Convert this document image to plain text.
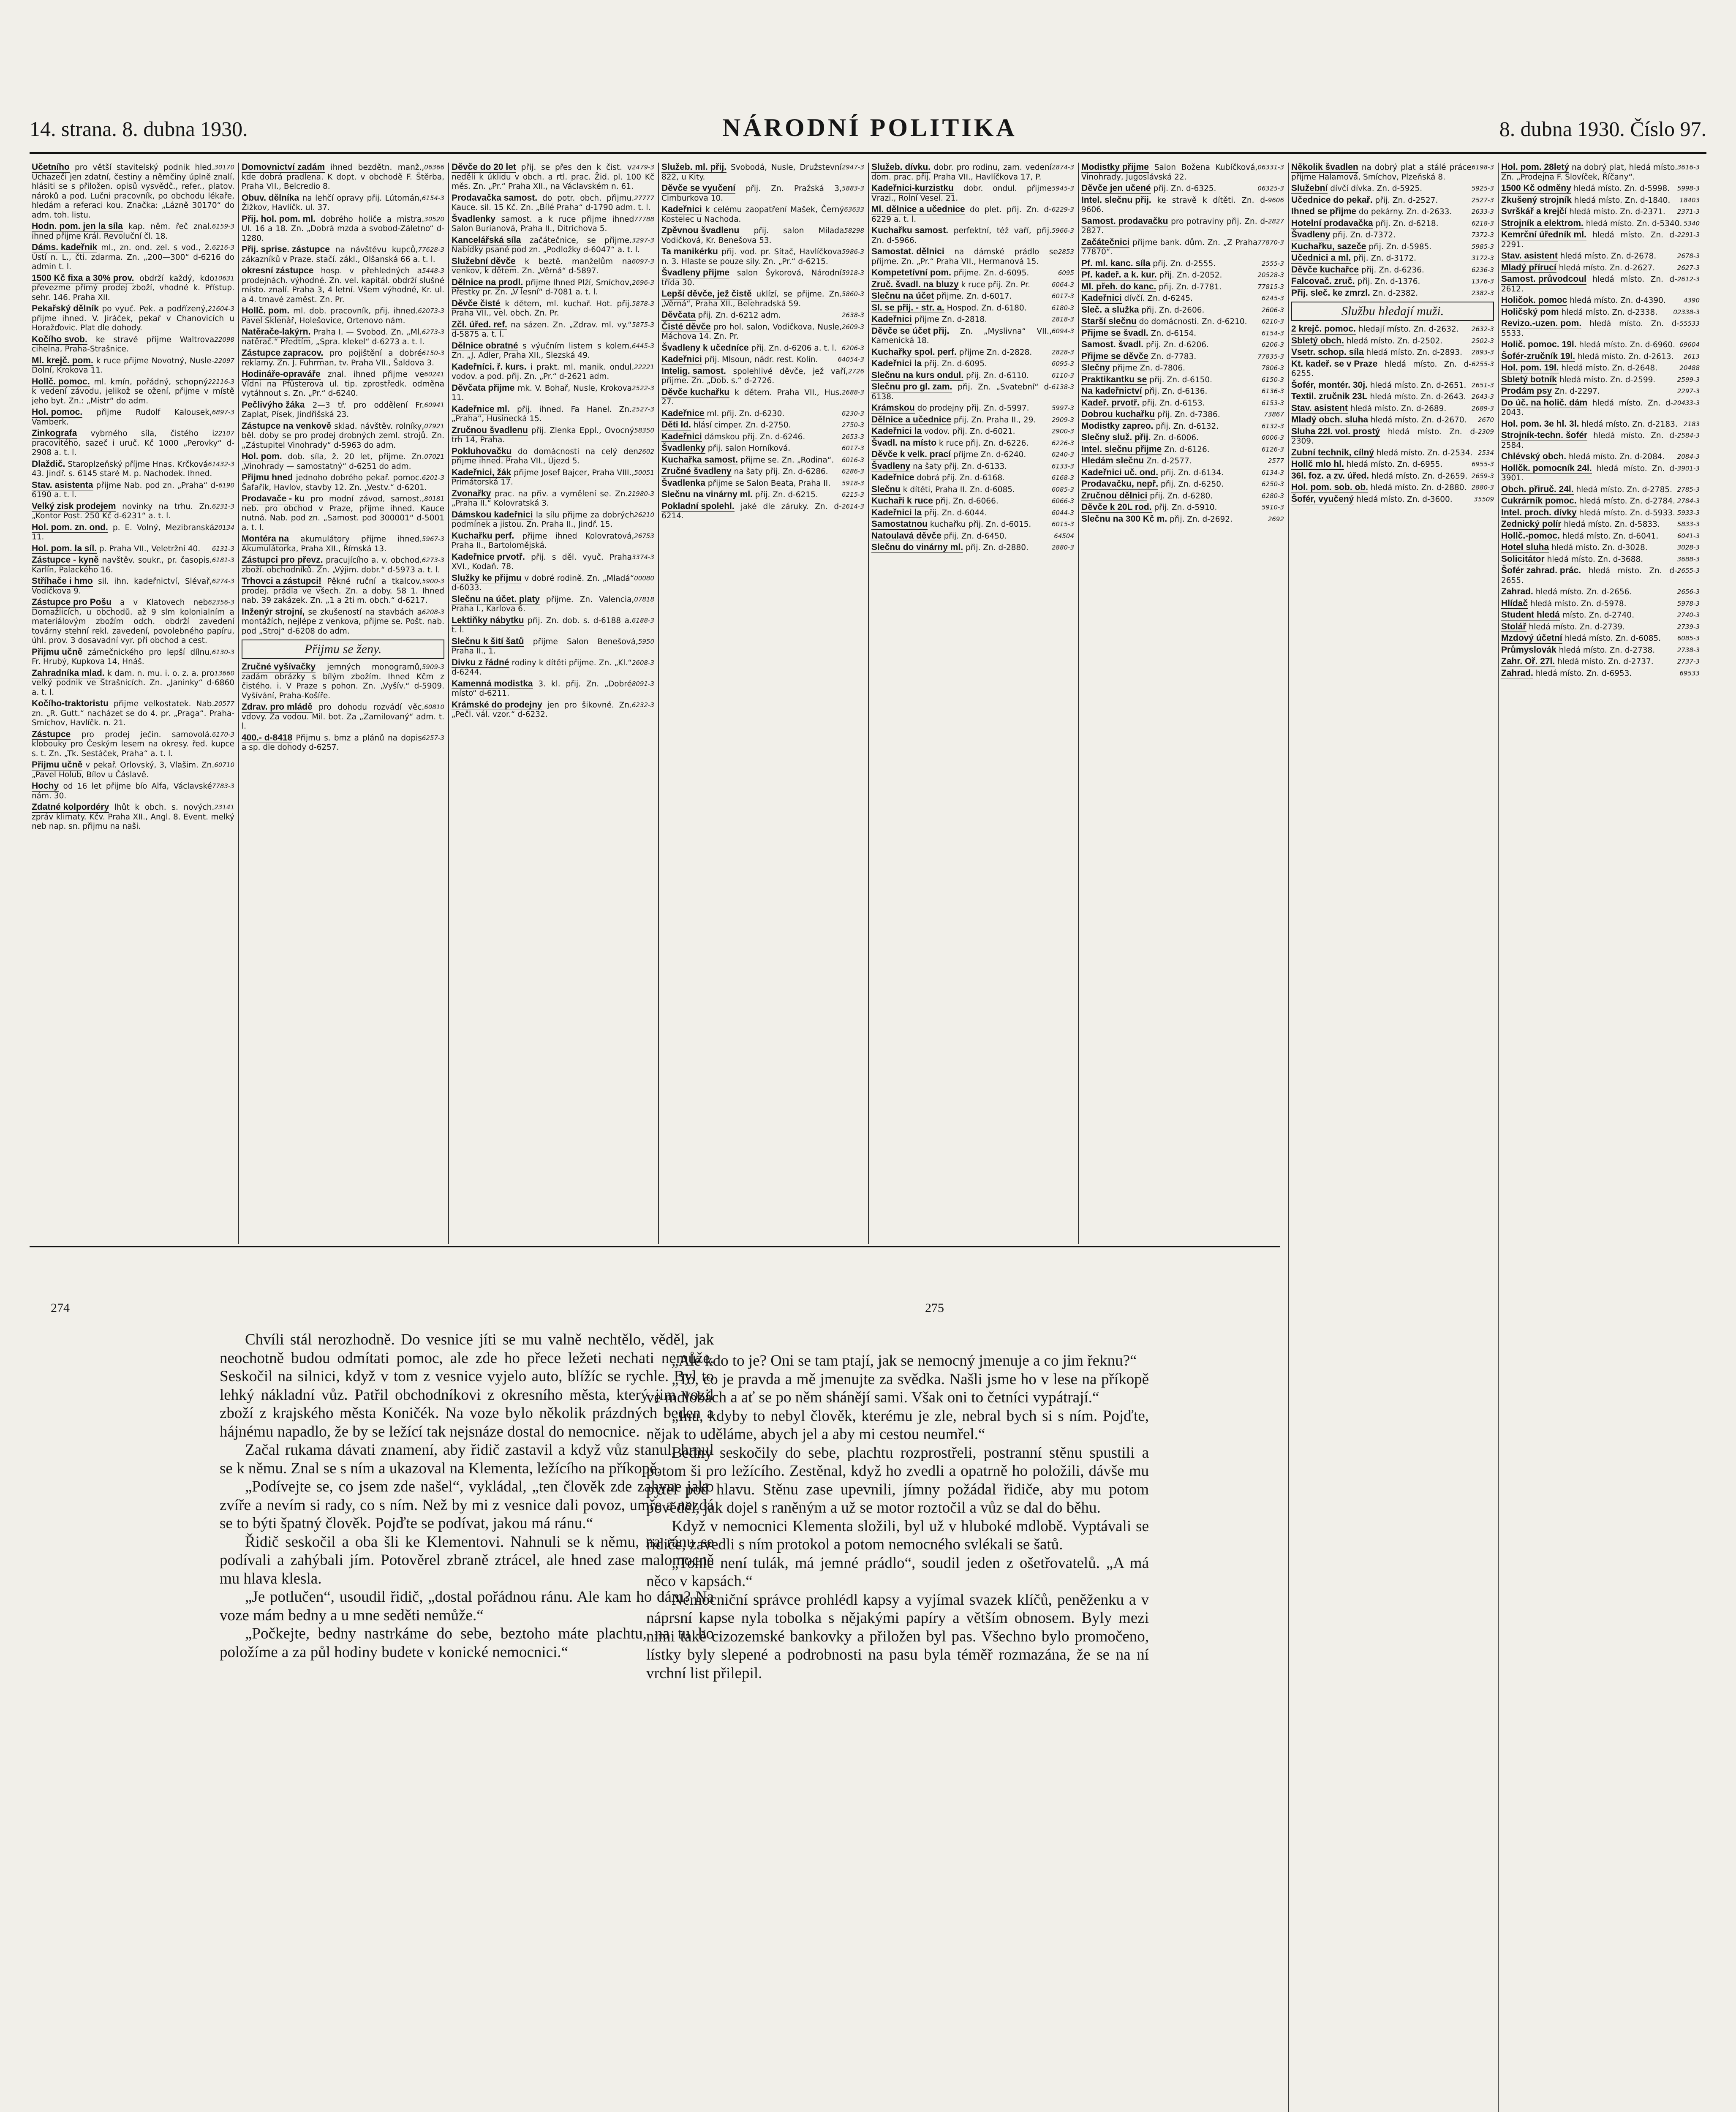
14. strana. 8. dubna 1930.	NÁRODNÍ POLITIKA	8. dubna 1930. Číslo 97.
30170
Učetního pro větší stavitelský podnik hled. Uchazeči jen zdatní, čestiny a němčiny úplně znalí, hlásiti se s přiložen. opisů vysvědč., refer., platov. nároků a pod. Lučni pracovník, po obchodu lékaře, hledám a referaci kou. Značka: „Lázně 30170“ do adm. toh. listu.
6159-3
Hodn. pom. jen la síla kap. něm. řeč znal. ihned přijme Král. Revoluční čl. 18.
6216-3
Dáms. kadeřnik ml., zn. ond. zel. s vod., 2. Ústí n. L., čti. zdarma. Zn. „200—300“ d-6216 do admin t. l.
10631
1500 Kč fixa a 30% prov. obdrží každý, kdo převezme přímý prodej zboží, vhodné k. Přístup. sehr. 146. Praha XII.
21604-3
Pekařský dělník po vyuč. Pek. a podřízený, přijme ihned. V. Jiráček, pekař v Chanovicích u Horažďovic. Plat dle dohody.
22098
Kočího svob. ke stravě přijme Waltrova cihelna, Praha-Strašnice.
22097
Ml. krejč. pom. k ruce přijme Novotný, Nusle-Dolní, Krokova 11.
22116-3
Hollč. pomoc. ml. kmín, pořádný, schopný k vedení závodu, jelikož se ožení, přijme v místě jeho byt. Zn.: „Mistr“ do adm.
6897-3
Hol. pomoc. přijme Rudolf Kalousek, Vamberk.
22107
Zinkografa vybrného síla, čistého i pracovitého, sazeč i uruč. Kč 1000 „Perovky“ d-2908 a. t. l.
61432-3
Dlaždič. Staroplzeňský příjme Hnas. Krčková 43. Jindř. s. 6145 staré M. p. Nachodek. Ihned.
6190
Stav. asistenta přijme Nab. pod zn. „Praha“ d-6190 a. t. l.
6231-3
Velký zisk prodejem novinky na trhu. Zn. „Kontor Post. 250 Kč d-6231“ a. t. l.
20134
Hol. pom. zn. ond. p. E. Volný, Mezibranská 11.
6131-3
Hol. pom. la síl. p. Praha VII., Veletržní 40.
6181-3
Zástupce - kyně navštěv. soukr., pr. časopis. Karlín, Palackého 16.
6274-3
Stříhače i hmo sil. ihn. kadeřnictví, Slévař, Vodičkova 9.
62356-3
Zástupce pro Pošu a v Klatovech neb Domažlicích, u obchodů. až 9 slm kolonialním a materiálovým zbožím odch. obdrží zavedení továrny stehní rekl. zavedení, povolebného papíru, úhl. prov. 3 dosavadní vyr. při obchod a cest.
6130-3
Přijmu učně zámečnického pro lepší dílnu. Fr. Hrubý, Kupkova 14, Hnáš.
13660
Zahradníka mlad. k dam. n. mu. i. o. z. a. pro velký podnik ve Strašnicích. Zn. „Janinky“ d-6860 a. t. l.
20577
Kočího-traktoristu přijme velkostatek. Nab. zn. „R. Gutt.“ nacházet se do 4. pr. „Praga“. Praha-Smíchov, Havlíčk. n. 21.
6170-3
Zástupce pro prodej ječin. samovolá. klobouky pro Českým lesem na okresy. řed. kupce s. t. Zn. „Tk. Sestáček, Praha“ a. t. l.
60710
Přijmu učně v pekař. Orlovský, 3, Vlašim. Zn. „Pavel Holub, Bílov u Čáslavě.
7783-3
Hochy od 16 let přijme bío Alfa, Václavské nám. 30.
23141
Zdatné kolpordéry lhůt k obch. s. nových. zpráv klimaty. Kčv. Praha XII., Angl. 8. Event. melký neb nap. sn. přijmu na naši.
06366
Domovnictví zadám ihned bezdětn. manž., kde dobrá pradlena. K dopt. v obchodě F. Štěrba, Praha VII., Belcredio 8.
6154-3
Obuv. dělníka na lehčí opravy přij. Lútomán, Žižkov, Havlíčk. ul. 37.
30520
Přij. hol. pom. ml. dobrého holiče a mistra. Ul. 16 a 18. Zn. „Dobrá mzda a svobod-Záletno“ d-1280.
77628-3
Přij. sprise. zástupce na návštěvu kupců, zákazníků v Praze. stačí. zákl., Olšanská 66 a. t. l.
5448-3
okresní zástupce hosp. v přehledných a prodejnách. výhodné. Zn. vel. kapitál. obdrží slušné místo. znalí. Praha 3, 4 letní. Všem výhodné, Kr. ul. a 4. tmavé zaměst. Zn. Pr.
62073-3
Hollč. pom. ml. dob. pracovník, přij. ihned. Pavel Sklenář, Holešovice, Ortenovo nám.
6273-3
Natěrače-lakýrn. Praha I. — Svobod. Zn. „Ml. natěrač.“ Předtím, „Spra. klekel“ d-6273 a. t. l.
6150-3
Zástupce zapracov. pro pojištění a dobré reklamy. Zn. J. Fuhrman, tv. Praha VII., Šaldova 3.
60241
Hodináře-opraváře znal. ihned přijme ve Vídni na Pfüsterova ul. tip. zprostředk. odměna vytáhnout s. Zn. „Pr.“ d-6240.
60941
Pečlivýho žáka 2—3 tř. pro oddělení Fr. Zaplat, Písek, Jindřišská 23.
07921
Zástupce na venkově sklad. návštěv. rolníky, běl. doby se pro prodej drobných zeml. strojů. Zn. „Zástupitel Vinohrady“ d-5963 do adm.
07021
Hol. pom. dob. síla, ž. 20 let, přijme. Zn. „Vinohrady — samostatný“ d-6251 do adm.
6201-3
Přijmu hned jednoho dobrého pekař. pomoc. Šafařík, Havlov, stavby 12. Zn. „Vestv.“ d-6201.
80181
Prodavače - ku pro modní závod, samost., neb. pro obchod v Praze, přijme ihned. Kauce nutná. Nab. pod zn. „Samost. pod 300001“ d-5001 a. t. l.
5967-3
Montéra na akumulátory přijme ihned. Akumulátorka, Praha XII., Římská 13.
6273-3
Zástupci pro převz. pracujícího a. v. obchod. zboží. obchodníků. Zn. „Výjim. dobr.“ d-5973 a. t. l.
5900-3
Trhovci a zástupci! Pěkné ruční a tkalcov. prodej. prádla ve všech. Zn. a doby. 58 1. Ihned nab. 39 zakázek. Zn. „1 a 2ti m. obch.“ d-6217.
6208-3
Inženýr strojní, se zkušeností na stavbách a montážích, nejlépe z venkova, přijme se. Pošt. nab. pod „Stroj“ d-6208 do adm.
Přijmu se ženy.
5909-3
Zručné vyšívačky jemných monogramů, zadám obrázky s bílým zbožím. Ihned Kčm z čistého. i. V Praze s pohon. Zn. „Vyšív.“ d-5909. Vyšívání, Praha-Košíře.
60810
Zdrav. pro mládě pro dohodu rozvádí věc. vdovy. Za vodou. Mil. bot. Za „Zamilovaný“ adm. t. l.
6257-3
400.- d-8418 Přijmu s. bmz a plánů na dopis a sp. dle dohody d-6257.
2479-3
Děvče do 20 let přij. se přes den k čist. v neděli k úklidu v obch. a rtl. prac. Žid. pl. 100 Kč měs. Zn. „Pr.“ Praha XII., na Václavském n. 61.
27777
Prodavačka samost. do potr. obch. přijmu. Kauce. sil. 15 Kč. Zn. „Bílé Praha“ d-1790 adm. t. l.
77788
Švadlenky samost. a k ruce přijme ihned Salon Burianová, Praha II., Ditrichova 5.
3297-3
Kancelářská síla začátečnice, se přijme. Nabídky psané pod zn. „Podložky d-6047“ a. t. l.
6097-3
Služební děvče k beztě. manželům na venkov, k dětem. Zn. „Věrná“ d-5897.
2696-3
Dělnice na prodl. přijme Ihned Plží, Smíchov, Přestky pr. Zn. „V lesní“ d-7081 a. t. l.
5878-3
Děvče čisté k dětem, ml. kuchař. Hot. přij. Praha VII., vel. obch. Zn. Pr.
5875-3
Zčl. úřed. ref. na sázen. Zn. „Zdrav. ml. vy.“ d-5875 a. t. l.
6445-3
Dělnice obratné s výučním listem s kolem. Zn. „J. Adler, Praha XII., Slezská 49.
22221
Kadeřníci. ř. kurs. i prakt. ml. manik. ondul. vodov. a pod. přij. Zn. „Pr.“ d-2621 adm.
2522-3
Děvčata přijme mk. V. Bohař, Nusle, Krokova 11.
2527-3
Kadeřnice ml. přij. ihned. Fa Hanel. Zn. „Praha“, Husinecká 15.
58350
Zručnou švadlenu přij. Zlenka Eppl., Ovocný trh 14, Praha.
2602
Pokluhovačku do domácnosti na celý den přijme ihned. Praha VII., Újezd 5.
50051
Kadeřnici, žák přijme Josef Bajcer, Praha VIII., Primátorská 17.
21980-3
Zvonařky prac. na přiv. a vymělení se. Zn. „Praha II.“ Kolovratská 3.
26210
Dámskou kadeřnici la sílu přijme za dobrých podmínek a jistou. Zn. Praha II., Jindř. 15.
26753
Kuchařku perf. přijme ihned Kolovratová, Praha II., Bartolomějská.
3374-3
Kadeřnice prvotř. přij. s děl. vyuč. Praha XVI., Kodaň. 78.
00080
Služky ke přijmu v dobré rodině. Zn. „Mladá“ d-6033.
07818
Slečnu na účet. platy přijme. Zn. Valencia, Praha I., Karlova 6.
6188-3
Lektiňky nábytku přij. Zn. dob. s. d-6188 a. t. l.
5950
Slečnu k šití šatů přijme Salon Benešová, Praha II., 1.
2608-3
Divku z řádné rodiny k dítěti přijme. Zn. „Kl.“ d-6244.
8091-3
Kamenná modistka 3. kl. přij. Zn. „Dobré místo“ d-6211.
6232-3
Krámské do prodejny jen pro šikovné. Zn. „Pečl. vál. vzor.“ d-6232.
2947-3
Služeb. ml. přij. Svobodá, Nusle, Družstevní 822, u Kity.
5883-3
Děvče se vyučení přij. Zn. Pražská 3, Cimburkova 10.
63633
Kadeřnici k celému zaopatření Mašek, Černý Kostelec u Nachoda.
58298
Zpěvnou švadlenu přij. salon Milada Vodičková, Kr. Benešova 53.
5986-3
Ta manikérku přij. vod. pr. Sítač, Havlíčkova n. 3. Hlaste se pouze sily. Zn. „Pr.“ d-6215.
5918-3
Švadleny přijme salon Šykorová, Národní třída 30.
5860-3
Lepší děvče, jež čistě uklízí, se přijme. Zn. „Věrná“, Praha XII., Belehradská 59.
2638-3
Děvčata přij. Zn. d-6212 adm.
2609-3
Čisté děvče pro hol. salon, Vodičkova, Nusle, Máchova 14. Zn. Pr.
6206-3
Švadleny k učedníce přij. Zn. d-6206 a. t. l.
64054-3
Kadeřnici přij. Mlsoun, nádr. rest. Kolín.
2726
Intelig. samost. spolehlivé děvče, jež vaří, přijme. Zn. „Dob. s.“ d-2726.
2688-3
Děvče kuchařku k dětem. Praha VII., Hus. 27.
6230-3
Kadeřnice ml. přij. Zn. d-6230.
2750-3
Děti ld. hlásí cimper. Zn. d-2750.
2653-3
Kadeřnici dámskou přij. Zn. d-6246.
6017-3
Švadlenky přij. salon Horníková.
6016-3
Kuchařka samost. přijme se. Zn. „Rodina“.
6286-3
Zručné švadleny na šaty přij. Zn. d-6286.
5918-3
Švadlenka přijme se Salon Beata, Praha II.
6215-3
Slečnu na vinárny ml. přij. Zn. d-6215.
2614-3
Pokladní spolehl. jaké dle záruky. Zn. d-6214.
2874-3
Služeb. dívku. dobr. pro rodinu, zam. vedení dom. prac. přij. Praha VII., Havlíčkova 17, P.
5945-3
Kadeřnici-kurzistku dobr. ondul. přijme Vrazi., Rolní Vesel. 21.
6229-3
Ml. dělnice a učednice do plet. přij. Zn. d-6229 a. t. l.
5966-3
Kuchařku samost. perfektní, též vaří, přij. Zn. d-5966.
2853
Samostat. dělnici na dámské prádlo se přijme. Zn. „Pr.“ Praha VII., Hermanová 15.
6095
Kompetetívní pom. přijme. Zn. d-6095.
6064-3
Zruč. švadl. na bluzy k ruce přij. Zn. Pr.
6017-3
Slečnu na účet přijme. Zn. d-6017.
6180-3
Sl. se přij. - str. a. Hospod. Zn. d-6180.
2818-3
Kadeřnici přijme Zn. d-2818.
6094-3
Děvče se účet přij. Zn. „Myslivna“ VII., Kamenická 18.
2828-3
Kuchařky spol. perf. přijme Zn. d-2828.
6095-3
Kadeřnici la přij. Zn. d-6095.
6110-3
Slečnu na kurs ondul. přij. Zn. d-6110.
6138-3
Slečnu pro gl. zam. přij. Zn. „Svatební“ d-6138.
5997-3
Krámskou do prodejny přij. Zn. d-5997.
2909-3
Dělnice a učednice přij. Zn. Praha II., 29.
2900-3
Kadeřnici la vodov. přij. Zn. d-6021.
6226-3
Švadl. na místo k ruce přij. Zn. d-6226.
6240-3
Děvče k velk. prací přijme Zn. d-6240.
6133-3
Švadleny na šaty přij. Zn. d-6133.
6168-3
Kadeřnice dobrá přij. Zn. d-6168.
6085-3
Slečnu k dítěti, Praha II. Zn. d-6085.
6066-3
Kuchaři k ruce přij. Zn. d-6066.
6044-3
Kadeřnici la přij. Zn. d-6044.
6015-3
Samostatnou kuchařku přij. Zn. d-6015.
64504
Natoulavá děvče přij. Zn. d-6450.
2880-3
Slečnu do vinárny ml. přij. Zn. d-2880.
06331-3
Modistky přijme Salon Božena Kubíčková, Vinohrady, Jugoslávská 22.
06325-3
Děvče jen učené přij. Zn. d-6325.
9606
Intel. slečnu přij. ke stravě k dítěti. Zn. d-9606.
2827
Samost. prodavačku pro potraviny přij. Zn. d-2827.
77870-3
Začátečnici přijme bank. dům. Zn. „Z Praha 77870“.
2555-3
Pf. ml. kanc. síla přij. Zn. d-2555.
20528-3
Pf. kadeř. a k. kur. přij. Zn. d-2052.
77815-3
Ml. přeh. do kanc. přij. Zn. d-7781.
6245-3
Kadeřnici dívčí. Zn. d-6245.
2606-3
Sleč. a služka přij. Zn. d-2606.
6210-3
Starší slečnu do domácnosti. Zn. d-6210.
6154-3
Přijme se švadl. Zn. d-6154.
6206-3
Samost. švadl. přij. Zn. d-6206.
77835-3
Přijme se děvče Zn. d-7783.
7806-3
Slečny přijme Zn. d-7806.
6150-3
Praktikantku se přij. Zn. d-6150.
6136-3
Na kadeřnictví přij. Zn. d-6136.
6153-3
Kadeř. prvotř. přij. Zn. d-6153.
73867
Dobrou kuchařku přij. Zn. d-7386.
6132-3
Modistky zapreo. přij. Zn. d-6132.
6006-3
Slečny služ. přij. Zn. d-6006.
6126-3
Intel. slečnu přijme Zn. d-6126.
2577
Hledám slečnu Zn. d-2577.
6134-3
Kadeřnici uč. ond. přij. Zn. d-6134.
6250-3
Prodavačku, nepř. přij. Zn. d-6250.
6280-3
Zručnou dělnici přij. Zn. d-6280.
5910-3
Děvče k 20L rod. přij. Zn. d-5910.
2692
Slečnu na 300 Kč m. přij. Zn. d-2692.
6198-3
Několik švadlen na dobrý plat a stálé práce přijme Halamová, Smíchov, Plzeňská 8.
5925-3
Služební dívčí dívka. Zn. d-5925.
2527-3
Učednice do pekař. přij. Zn. d-2527.
2633-3
Ihned se přijme do pekárny. Zn. d-2633.
6218-3
Hotelní prodavačka přij. Zn. d-6218.
7372-3
Švadleny přij. Zn. d-7372.
5985-3
Kuchařku, sazeče přij. Zn. d-5985.
3172-3
Učednici a ml. přij. Zn. d-3172.
6236-3
Děvče kuchařce přij. Zn. d-6236.
1376-3
Falcovač. zruč. přij. Zn. d-1376.
2382-3
Přij. sleč. ke zmrzl. Zn. d-2382.
Službu hledají muži.
2632-3
2 krejč. pomoc. hledají místo. Zn. d-2632.
2502-3
Sbletý obch. hledá místo. Zn. d-2502.
2893-3
Vsetr. schop. síla hledá místo. Zn. d-2893.
6255-3
Kt. kadeř. se v Praze hledá místo. Zn. d-6255.
2651-3
Šofér, montér. 30j. hledá místo. Zn. d-2651.
2643-3
Textil. zručnik 23L hledá místo. Zn. d-2643.
2689-3
Stav. asistent hledá místo. Zn. d-2689.
2670
Mladý obch. sluha hledá místo. Zn. d-2670.
2309
Sluha 22l. vol. prostý hledá místo. Zn. d-2309.
2534
Zubní technik, cílný hledá místo. Zn. d-2534.
6955-3
Hollč mlo hl. hledá místo. Zn. d-6955.
2659-3
36l. foz. a zv. úřed. hledá místo. Zn. d-2659.
2880-3
Hol. pom. sob. ob. hledá místo. Zn. d-2880.
35509
Šofér, vyučený hledá místo. Zn. d-3600.
3616-3
Hol. pom. 28letý na dobrý plat, hledá místo. Zn. „Prodejna F. Slovíček, Říčany“.
5998-3
1500 Kč odměny hledá místo. Zn. d-5998.
18403
Zkušený strojník hledá místo. Zn. d-1840.
2371-3
Svrškář a krejčí hledá místo. Zn. d-2371.
5340
Strojník a elektrom. hledá místo. Zn. d-5340.
2291-3
Kemrční úředník ml. hledá místo. Zn. d-2291.
2678-3
Stav. asistent hledá místo. Zn. d-2678.
2627-3
Mladý přírucí hledá místo. Zn. d-2627.
2612-3
Samost. průvodcoul hledá místo. Zn. d-2612.
4390
Holičok. pomoc hledá místo. Zn. d-4390.
02338-3
Holičský pom hledá místo. Zn. d-2338.
55533
Revizo.-uzen. pom. hledá místo. Zn. d-5533.
69604
Holič. pomoc. 19l. hledá místo. Zn. d-6960.
2613
Šofér-zručník 19l. hledá místo. Zn. d-2613.
20488
Hol. pom. 19l. hledá místo. Zn. d-2648.
2599-3
Sbletý botník hledá místo. Zn. d-2599.
2297-3
Prodám psy Zn. d-2297.
20433-3
Do úč. na holič. dám hledá místo. Zn. d-2043.
2183
Hol. pom. 3e hl. 3l. hledá místo. Zn. d-2183.
2584-3
Strojník-techn. šofér hledá místo. Zn. d-2584.
2084-3
Chlévský obch. hledá místo. Zn. d-2084.
3901-3
Hollčk. pomocník 24l. hledá místo. Zn. d-3901.
2785-3
Obch. přiruč. 24l. hledá místo. Zn. d-2785.
2784-3
Cukrárník pomoc. hledá místo. Zn. d-2784.
5933-3
Intel. proch. dívky hledá místo. Zn. d-5933.
5833-3
Zednický polír hledá místo. Zn. d-5833.
6041-3
Hollč.-pomoc. hledá místo. Zn. d-6041.
3028-3
Hotel sluha hledá místo. Zn. d-3028.
3688-3
Solicitátor hledá místo. Zn. d-3688.
2655-3
Šofér zahrad. prác. hledá místo. Zn. d-2655.
2656-3
Zahrad. hledá místo. Zn. d-2656.
5978-3
Hlídač hledá místo. Zn. d-5978.
2740-3
Student hledá místo. Zn. d-2740.
2739-3
Stolář hledá místo. Zn. d-2739.
6085-3
Mzdový účetní hledá místo. Zn. d-6085.
2738-3
Průmyslovák hledá místo. Zn. d-2738.
2737-3
Zahr. Oř. 27l. hledá místo. Zn. d-2737.
69533
Zahrad. hledá místo. Zn. d-6953.
274	275

Chvíli stál nerozhodně. Do vesnice jíti se mu valně nechtělo, věděl, jak neochotně budou odmítati pomoc, ale zde ho přece ležeti nechati nemůže. Seskočil na silnici, když v tom z vesnice vyjelo auto, blížíc se rychle. Byl to lehký nákladní vůz. Patřil obchodníkovi z okresního města, který jim vozil zboží z krajského města Koničék. Na voze bylo několik prázdných beden a hájnému napadlo, že by se ležící tak nejsnáze dostal do nemocnice.

Začal rukama dávati znamení, aby řidič zastavil a když vůz stanul, hrnul se k němu. Znal se s ním a ukazoval na Klementa, ležícího na příkopě.

„Podívejte se, co jsem zde našel“, vykládal, „ten člověk zde zahyne jako zvíře a nevím si rady, co s ním. Než by mi z vesnice dali povoz, umře a nezdá se to býti špatný člověk. Pojďte se podívat, jakou má ránu.“

Řidič seskočil a oba šli ke Klementovi. Nahnuli se k němu, na ránu se podívali a zahýbali jím. Potověrel zbraně ztrácel, ale hned zase malomocně mu hlava klesla.

„Je potlučen“, usoudil řidič, „dostal pořádnou ránu. Ale kam ho dám? Na voze mám bedny a u mne seděti nemůže.“

„Počkejte, bedny nastrkáme do sebe, beztoho máte plachtu, na tu ho položíme a za půl hodiny budete v konické nemocnici.“

„Ale kdo to je? Oni se tam ptají, jak se nemocný jmenuje a co jim řeknu?“

„To, co je pravda a mě jmenujte za svědka. Našli jsme ho v lese na příkopě ve mdlobách a ať se po něm shánějí sami. Však oni to četníci vypátrají.“

„Inu, kdyby to nebyl člověk, kterému je zle, nebral bych si s ním. Pojďte, nějak to uděláme, abych jel a aby mi cestou neumřel.“

Bedny seskočily do sebe, plachtu rozprostřeli, postranní stěnu spustili a potom ši pro ležícího. Zestěnal, když ho zvedli a opatrně ho položili, dávše mu pytel pod hlavu. Stěnu zase upevnili, jímny požádal řidiče, aby mu potom pověděl, jak dojel s raněným a už se motor roztočil a vůz se dal do běhu.

Když v nemocnici Klementa složili, byl už v hluboké mdlobě. Vyptávali se řidiče, zavedli s ním protokol a potom nemocného svlékali se šatů.

„Tohle není tulák, má jemné prádlo“, soudil jeden z ošetřovatelů. „A má něco v kapsách.“

Nemocniční správce prohlédl kapsy a vyjímal svazek klíčů, peněženku a v náprsní kapse nyla tobolka s nějakými papíry a větším obnosem. Byly mezi nimi také cizozemské bankovky a přiložen byl pas. Všechno bylo promočeno, lístky byly slepené a podrobnosti na pasu byla téměř rozmazána, že se na ní vrchní list přilepil.
